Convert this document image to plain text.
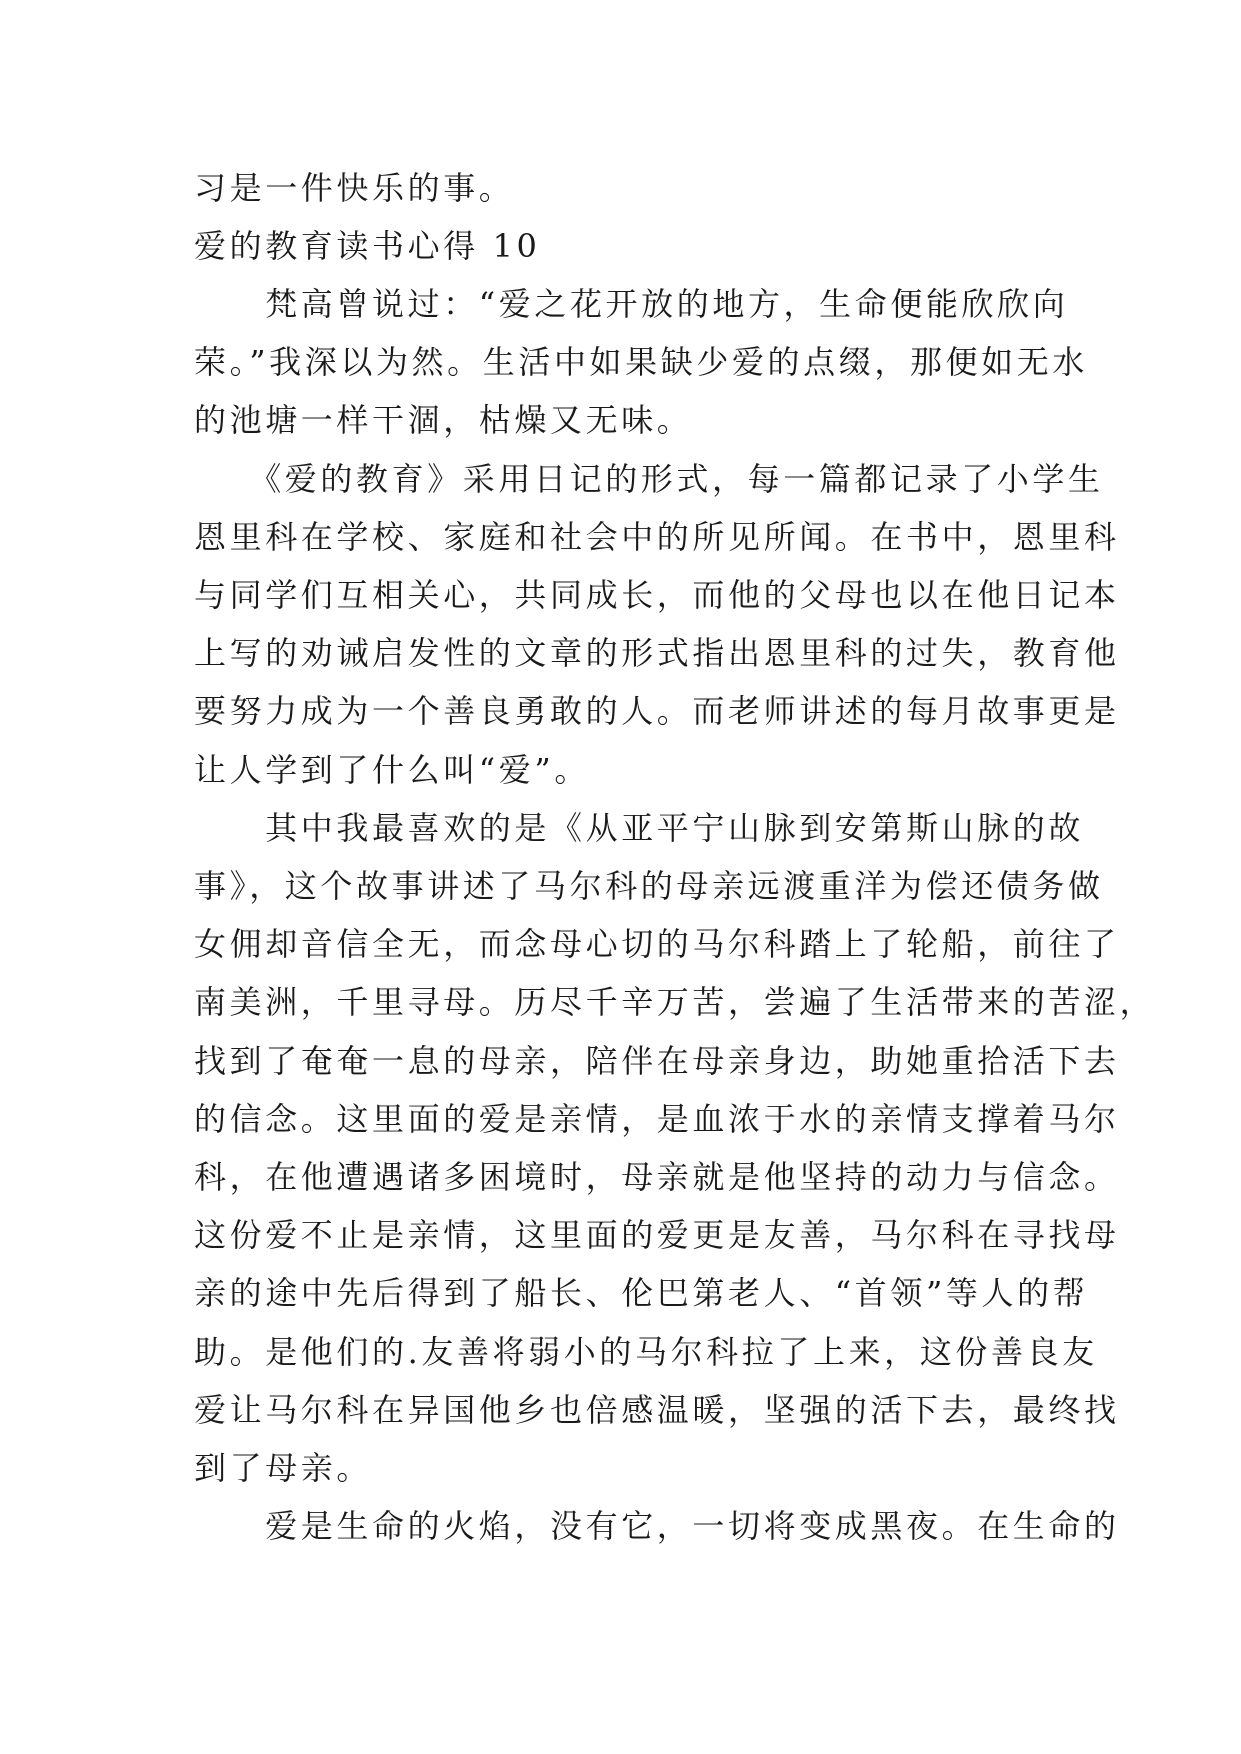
习是一件快乐的事。
爱的教育读书心得 10
　　梵高曾说过：“爱之花开放的地方，生命便能欣欣向
荣。”我深以为然。生活中如果缺少爱的点缀，那便如无水
的池塘一样干涸，枯燥又无味。
　　《爱的教育》采用日记的形式，每一篇都记录了小学生
恩里科在学校、家庭和社会中的所见所闻。在书中，恩里科
与同学们互相关心，共同成长，而他的父母也以在他日记本
上写的劝诫启发性的文章的形式指出恩里科的过失，教育他
要努力成为一个善良勇敢的人。而老师讲述的每月故事更是
让人学到了什么叫“爱”。
　　其中我最喜欢的是《从亚平宁山脉到安第斯山脉的故
事》，这个故事讲述了马尔科的母亲远渡重洋为偿还债务做
女佣却音信全无，而念母心切的马尔科踏上了轮船，前往了
南美洲，千里寻母。历尽千辛万苦，尝遍了生活带来的苦涩，
找到了奄奄一息的母亲，陪伴在母亲身边，助她重拾活下去
的信念。这里面的爱是亲情，是血浓于水的亲情支撑着马尔
科，在他遭遇诸多困境时，母亲就是他坚持的动力与信念。
这份爱不止是亲情，这里面的爱更是友善，马尔科在寻找母
亲的途中先后得到了船长、伦巴第老人、“首领”等人的帮
助。是他们的.友善将弱小的马尔科拉了上来，这份善良友
爱让马尔科在异国他乡也倍感温暖，坚强的活下去，最终找
到了母亲。
　　爱是生命的火焰，没有它，一切将变成黑夜。在生命的
